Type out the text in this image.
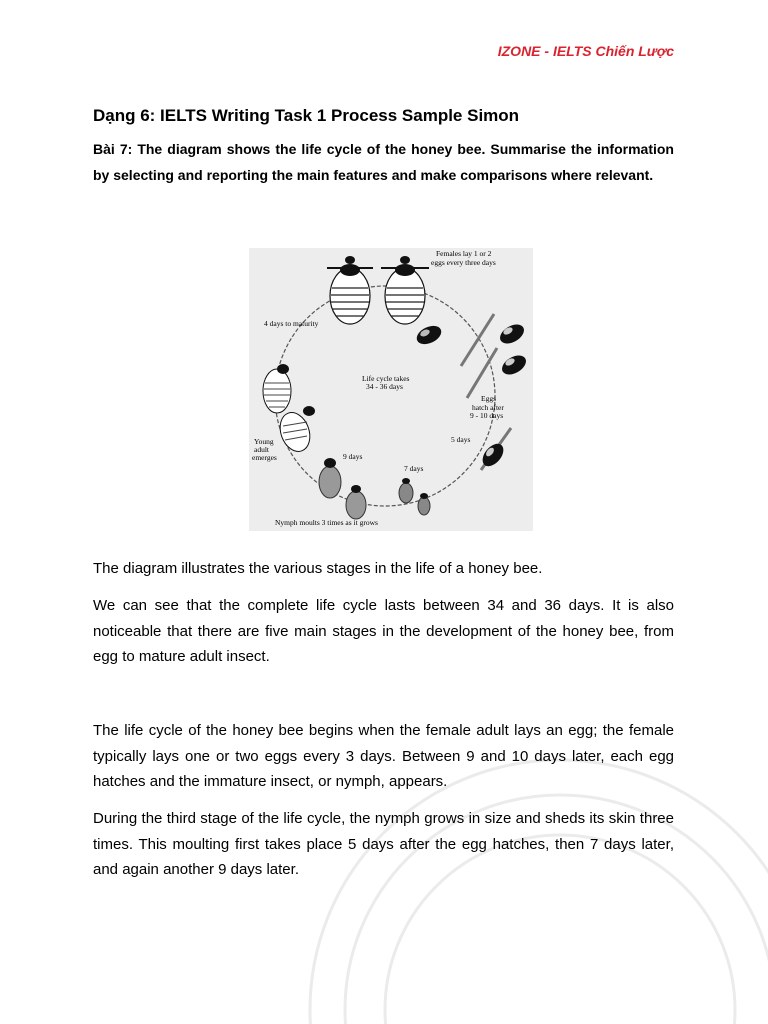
IZONE - IELTS Chiến Lược
Dạng 6: IELTS Writing Task 1 Process Sample Simon

Bài 7: The diagram shows the life cycle of the honey bee. Summarise the information by selecting and reporting the main features and make comparisons where relevant.

Females lay 1 or 2
eggs every three days
4 days to maturity
Life cycle takes
34 - 36 days
Eggs
hatch after
9 - 10 days
5 days
7 days
9 days
Young
adult
emerges
Nymph moults 3 times as it grows

The diagram illustrates the various stages in the life of a honey bee.

We can see that the complete life cycle lasts between 34 and 36 days. It is also noticeable that there are five main stages in the development of the honey bee, from egg to mature adult insect.

The life cycle of the honey bee begins when the female adult lays an egg; the female typically lays one or two eggs every 3 days. Between 9 and 10 days later, each egg hatches and the immature insect, or nymph, appears.

During the third stage of the life cycle, the nymph grows in size and sheds its skin three times. This moulting first takes place 5 days after the egg hatches, then 7 days later, and again another 9 days later.
